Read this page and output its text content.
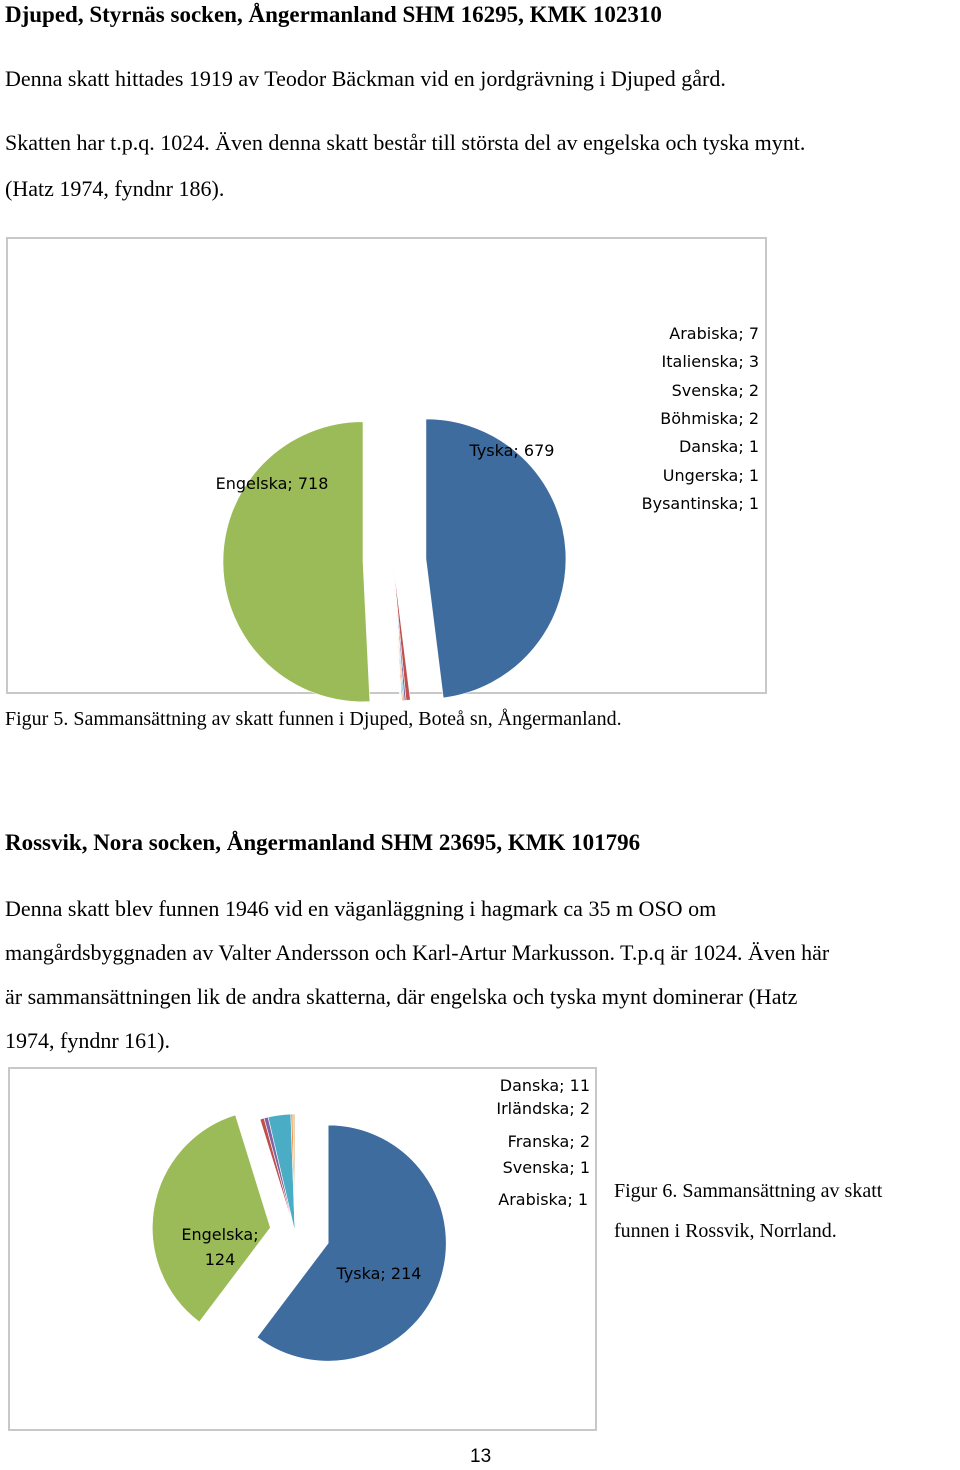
Djuped, Styrnäs socken, Ångermanland SHM 16295, KMK 102310

Denna skatt hittades 1919 av Teodor Bäckman vid en jordgrävning i Djuped gård.

Skatten har t.p.q. 1024. Även denna skatt består till största del av engelska och tyska mynt.

(Hatz 1974, fyndnr 186).

Tyska; 679
Arabiska; 7
Italienska; 3
Svenska; 2
Böhmiska; 2
Danska; 1
Ungerska; 1
Bysantinska; 1
Engelska; 718

Figur 5. Sammansättning av skatt funnen i Djuped, Boteå sn, Ångermanland.

Rossvik, Nora socken, Ångermanland SHM 23695, KMK 101796

Denna skatt blev funnen 1946 vid en väganläggning i hagmark ca 35 m OSO om

mangårdsbyggnaden av Valter Andersson och Karl-Artur Markusson. T.p.q är 1024. Även här

är sammansättningen lik de andra skatterna, där engelska och tyska mynt dominerar (Hatz

1974, fyndnr 161).

Tyska; 214
Engelska;
124
Irländska; 2
Franska; 2
Danska; 11
Svenska; 1
Arabiska; 1 Figur 6. Sammansättning av skatt

funnen i Rossvik, Norrland.

13
